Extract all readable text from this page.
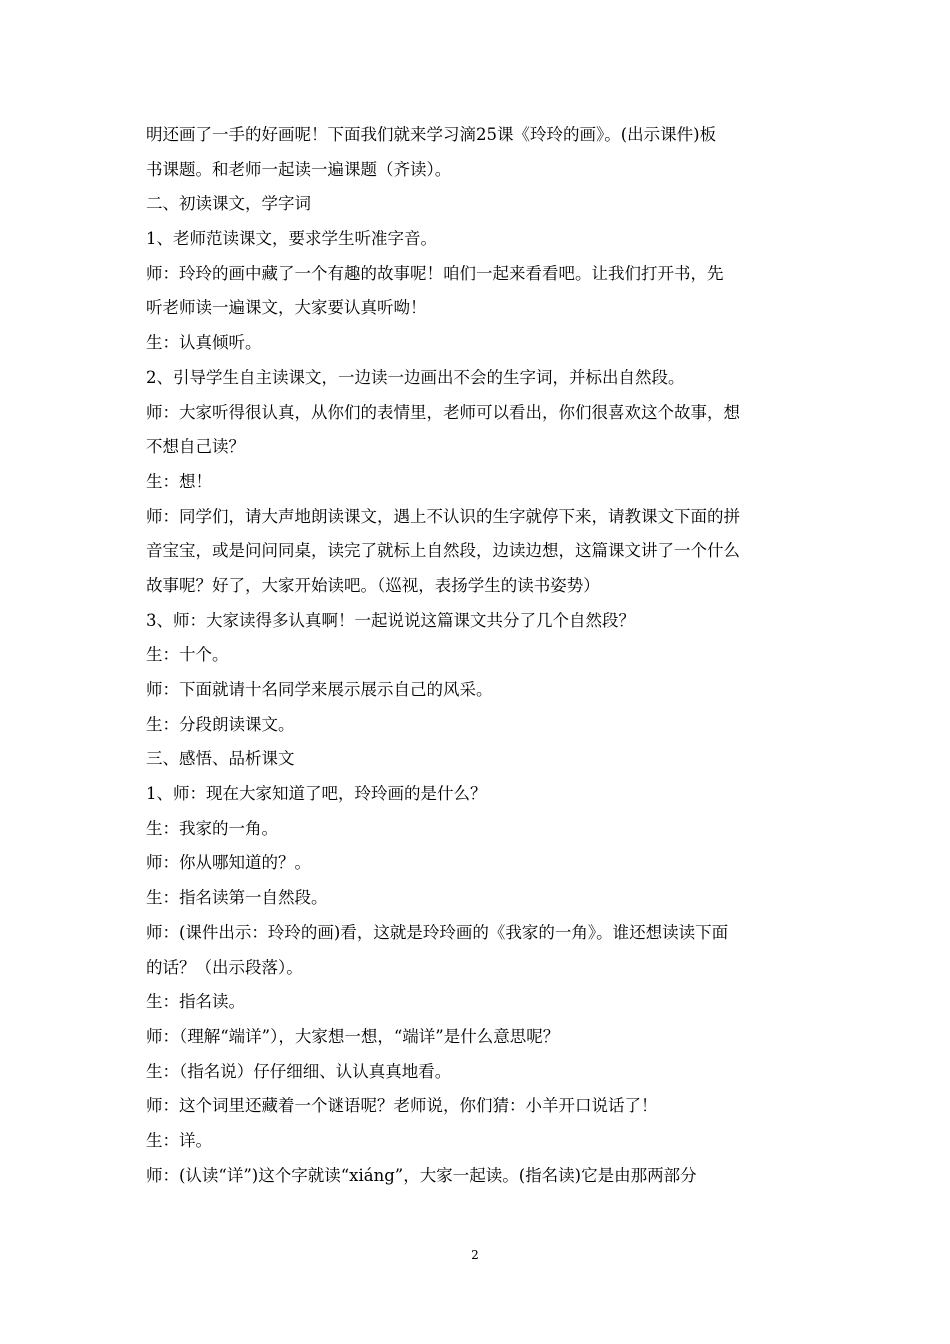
明还画了一手的好画呢！下面我们就来学习滴25课《玲玲的画》。(出示课件)板
书课题。和老师一起读一遍课题（齐读）。
二、初读课文，学字词
1、老师范读课文，要求学生听准字音。
师：玲玲的画中藏了一个有趣的故事呢！咱们一起来看看吧。让我们打开书，先
听老师读一遍课文，大家要认真听呦！
生：认真倾听。
2、引导学生自主读课文，一边读一边画出不会的生字词，并标出自然段。
师：大家听得很认真，从你们的表情里，老师可以看出，你们很喜欢这个故事，想
不想自己读？
生：想！
师：同学们，请大声地朗读课文，遇上不认识的生字就停下来，请教课文下面的拼
音宝宝，或是问问同桌，读完了就标上自然段，边读边想，这篇课文讲了一个什么
故事呢？好了，大家开始读吧。（巡视，表扬学生的读书姿势）
3、师：大家读得多认真啊！一起说说这篇课文共分了几个自然段？
生：十个。
师：下面就请十名同学来展示展示自己的风采。
生：分段朗读课文。
三、感悟、品析课文
1、师：现在大家知道了吧，玲玲画的是什么？
生：我家的一角。
师：你从哪知道的？。
生：指名读第一自然段。
师：(课件出示：玲玲的画)看，这就是玲玲画的《我家的一角》。谁还想读读下面
的话？（出示段落）。
生：指名读。
师：（理解“端详”），大家想一想，“端详”是什么意思呢？
生：（指名说）仔仔细细、认认真真地看。
师：这个词里还藏着一个谜语呢？老师说，你们猜：小羊开口说话了！
生：详。
师：(认读“详”)这个字就读“xiáng”，大家一起读。(指名读)它是由那两部分
2
